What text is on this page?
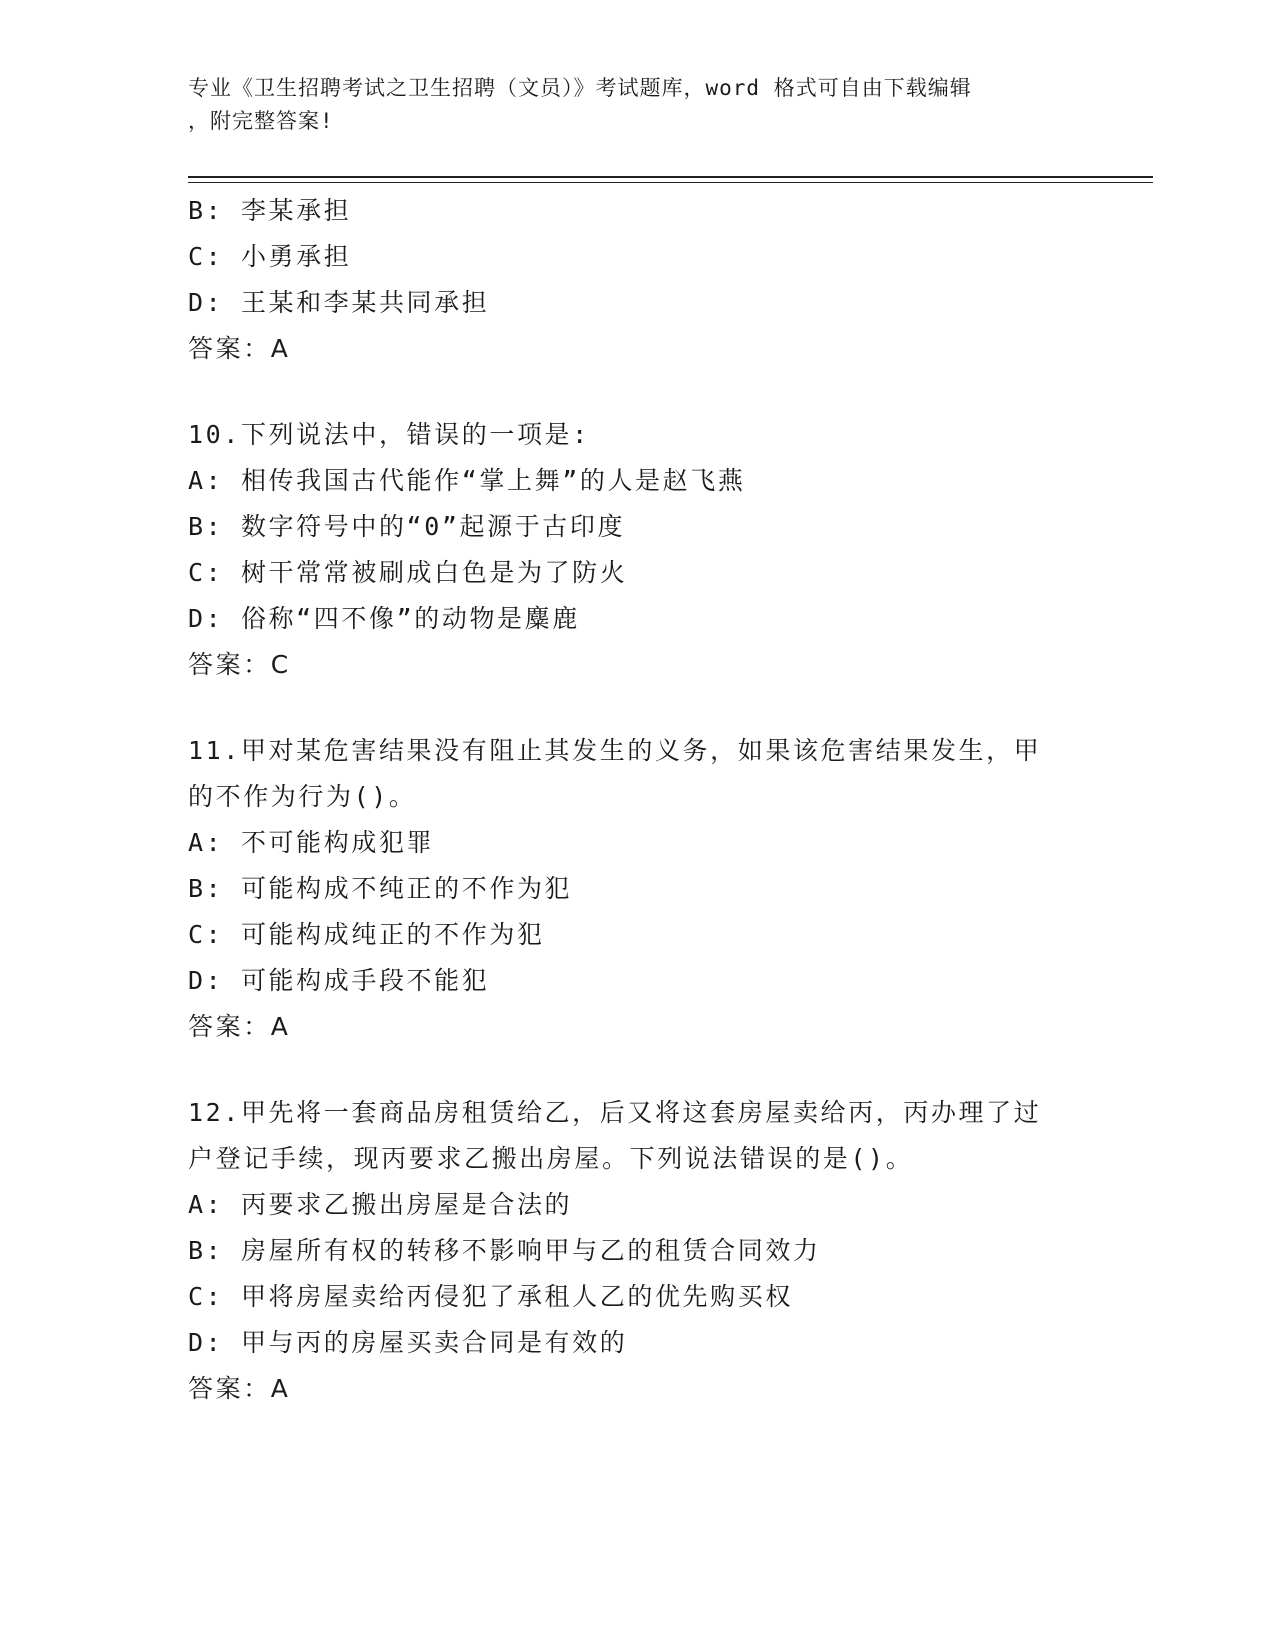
专业《卫生招聘考试之卫生招聘（文员）》考试题库，word 格式可自由下载编辑
，附完整答案!
B: 李某承担
C: 小勇承担
D: 王某和李某共同承担
答案：A
10.下列说法中，错误的一项是:
A: 相传我国古代能作“掌上舞”的人是赵飞燕
B: 数字符号中的“0”起源于古印度
C: 树干常常被刷成白色是为了防火
D: 俗称“四不像”的动物是麋鹿
答案：C
11.甲对某危害结果没有阻止其发生的义务，如果该危害结果发生，甲
的不作为行为()。
A: 不可能构成犯罪
B: 可能构成不纯正的不作为犯
C: 可能构成纯正的不作为犯
D: 可能构成手段不能犯
答案：A
12.甲先将一套商品房租赁给乙，后又将这套房屋卖给丙，丙办理了过
户登记手续，现丙要求乙搬出房屋。下列说法错误的是()。
A: 丙要求乙搬出房屋是合法的
B: 房屋所有权的转移不影响甲与乙的租赁合同效力
C: 甲将房屋卖给丙侵犯了承租人乙的优先购买权
D: 甲与丙的房屋买卖合同是有效的
答案：A
